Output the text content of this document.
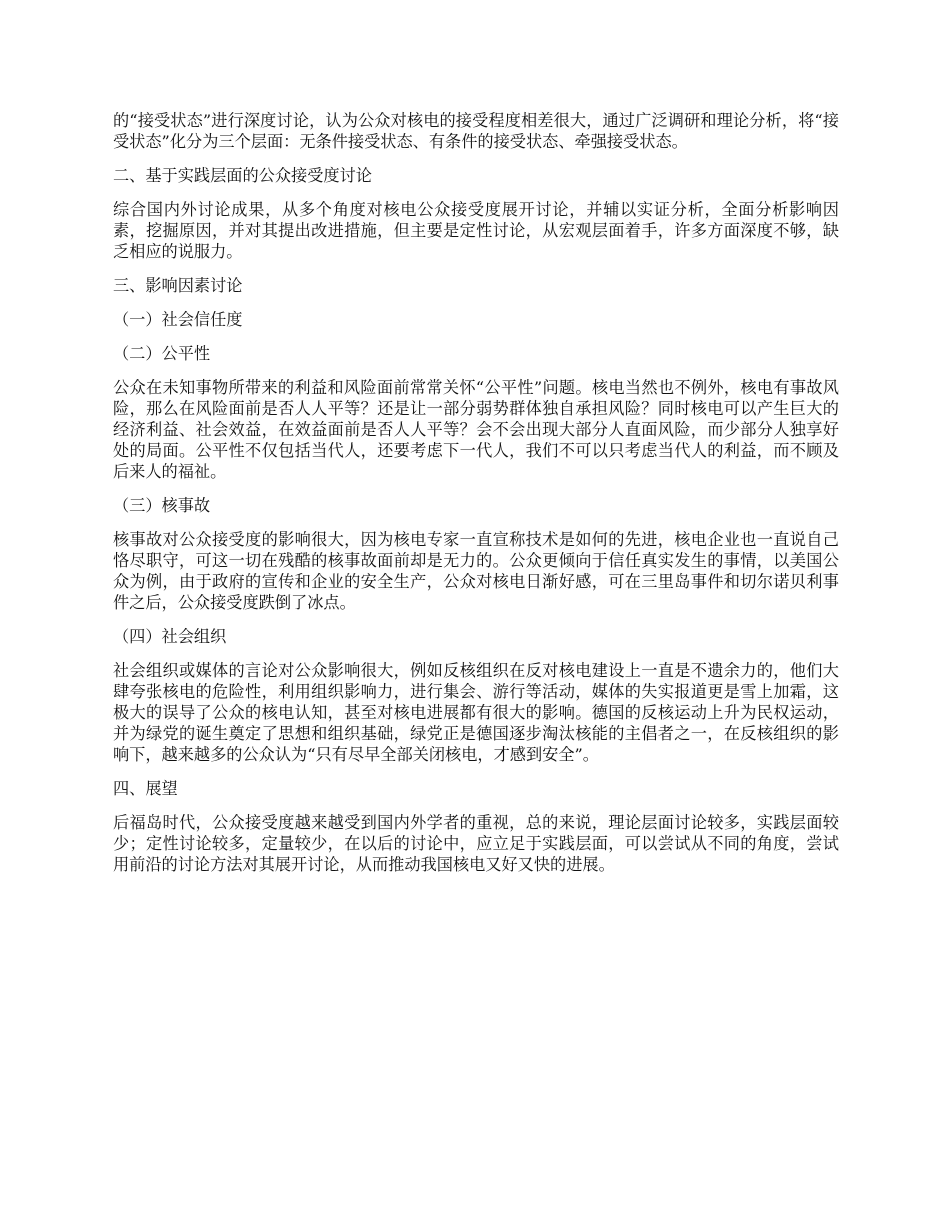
的“接受状态”进行深度讨论，认为公众对核电的接受程度相差很大，通过广泛调研和理论分析，将“接受状态”化分为三个层面：无条件接受状态、有条件的接受状态、牵强接受状态。

二、基于实践层面的公众接受度讨论

综合国内外讨论成果，从多个角度对核电公众接受度展开讨论，并辅以实证分析，全面分析影响因素，挖掘原因，并对其提出改进措施，但主要是定性讨论，从宏观层面着手，许多方面深度不够，缺乏相应的说服力。

三、影响因素讨论

（一）社会信任度

（二）公平性

公众在未知事物所带来的利益和风险面前常常关怀“公平性”问题。核电当然也不例外，核电有事故风险，那么在风险面前是否人人平等？还是让一部分弱势群体独自承担风险？同时核电可以产生巨大的经济利益、社会效益，在效益面前是否人人平等？会不会出现大部分人直面风险，而少部分人独享好处的局面。公平性不仅包括当代人，还要考虑下一代人，我们不可以只考虑当代人的利益，而不顾及后来人的福祉。

（三）核事故

核事故对公众接受度的影响很大，因为核电专家一直宣称技术是如何的先进，核电企业也一直说自己恪尽职守，可这一切在残酷的核事故面前却是无力的。公众更倾向于信任真实发生的事情，以美国公众为例，由于政府的宣传和企业的安全生产，公众对核电日渐好感，可在三里岛事件和切尔诺贝利事件之后，公众接受度跌倒了冰点。

（四）社会组织

社会组织或媒体的言论对公众影响很大，例如反核组织在反对核电建设上一直是不遗余力的，他们大肆夸张核电的危险性，利用组织影响力，进行集会、游行等活动，媒体的失实报道更是雪上加霜，这极大的误导了公众的核电认知，甚至对核电进展都有很大的影响。德国的反核运动上升为民权运动，并为绿党的诞生奠定了思想和组织基础，绿党正是德国逐步淘汰核能的主倡者之一，在反核组织的影响下，越来越多的公众认为“只有尽早全部关闭核电，才感到安全”。

四、展望

后福岛时代，公众接受度越来越受到国内外学者的重视，总的来说，理论层面讨论较多，实践层面较少；定性讨论较多，定量较少，在以后的讨论中，应立足于实践层面，可以尝试从不同的角度，尝试用前沿的讨论方法对其展开讨论，从而推动我国核电又好又快的进展。
